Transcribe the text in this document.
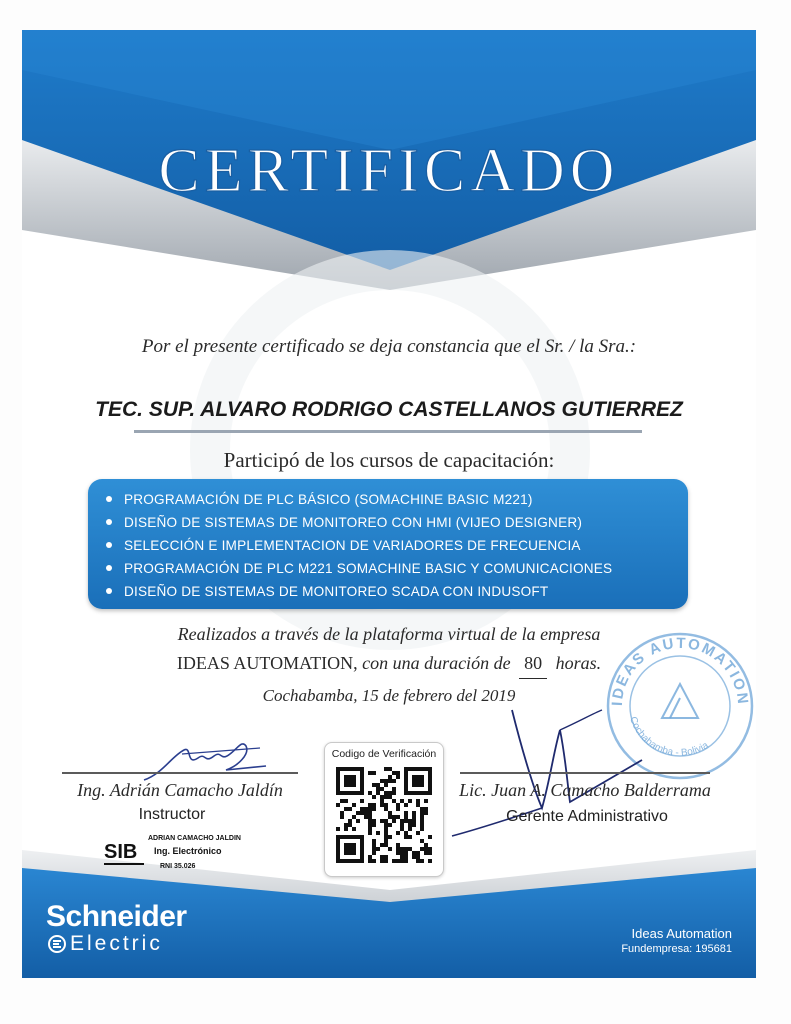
CERTIFICADO
Por el presente certificado se deja constancia que el Sr. / la Sra.:
TEC. SUP. ALVARO RODRIGO CASTELLANOS GUTIERREZ
Participó de los cursos de capacitación:
PROGRAMACIÓN DE PLC BÁSICO (SOMACHINE BASIC M221)
DISEÑO DE SISTEMAS DE MONITOREO CON HMI (VIJEO DESIGNER)
SELECCIÓN E IMPLEMENTACION DE VARIADORES DE FRECUENCIA
PROGRAMACIÓN DE PLC M221 SOMACHINE BASIC Y COMUNICACIONES
DISEÑO DE SISTEMAS DE MONITOREO SCADA CON INDUSOFT
Realizados a través de la plataforma virtual de la empresa
IDEAS AUTOMATION, con una duración de 80 horas.
Cochabamba, 15 de febrero del 2019	IDEAS AUTOMATION
Cochabamba - Bolivia
Ing. Adrián Camacho Jaldín
Instructor
Lic. Juan A. Camacho Balderrama
Gerente Administrativo
SIB
ADRIAN CAMACHO JALDIN
Ing. Electrónico
RNI 35.026
Codigo de Verificación
Schneider
Electric	Ideas Automation
Fundempresa: 195681
